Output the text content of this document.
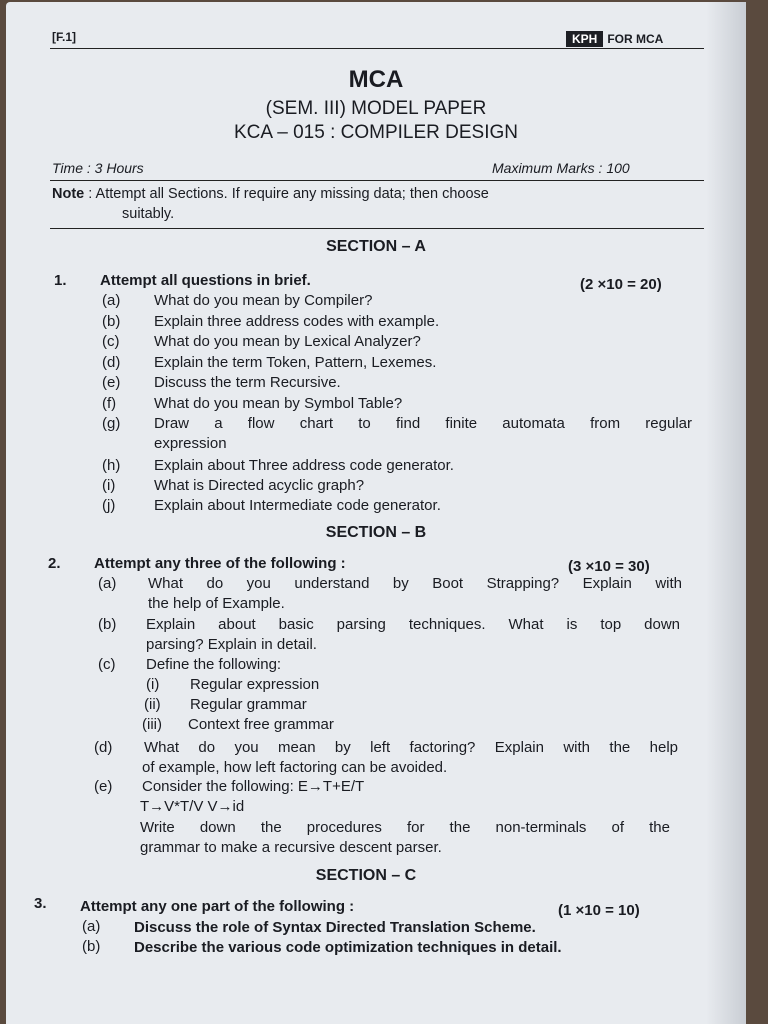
[F.1]	KPH FOR MCA
MCA
(SEM. III) MODEL PAPER
KCA – 015 : COMPILER DESIGN
Time : 3 Hours	Maximum Marks : 100
Note : Attempt all Sections. If require any missing data; then choose
suitably.
SECTION – A
1. Attempt all questions in brief.	(2 ×10 = 20)
(a) What do you mean by Compiler?
(b) Explain three address codes with example.
(c) What do you mean by Lexical Analyzer?
(d) Explain the term Token, Pattern, Lexemes.
(e) Discuss the term Recursive.
(f)	What do you mean by Symbol Table?
(g) Draw a flow chart to find finite automata from regular
expression
(h) Explain about Three address code generator.
(i)	What is Directed acyclic graph?
(j)	Explain about Intermediate code generator.
SECTION – B
2. Attempt any three of the following :	(3 ×10 = 30)
(a) What do you understand by Boot Strapping? Explain with
the help of Example.
(b) Explain about basic parsing techniques. What is top down
parsing? Explain in detail.
(c) Define the following:
(i) Regular expression
(ii) Regular grammar
(iii) Context free grammar
(d) What do you mean by left factoring? Explain with the help
of example, how left factoring can be avoided.
(e) Consider the following: E→T+E/T
T→V*T/V V→id
Write down the procedures for the non-terminals of the
grammar to make a recursive descent parser.
SECTION – C
3. Attempt any one part of the following :	(1 ×10 = 10)
(a) Discuss the role of Syntax Directed Translation Scheme.
(b) Describe the various code optimization techniques in detail.
